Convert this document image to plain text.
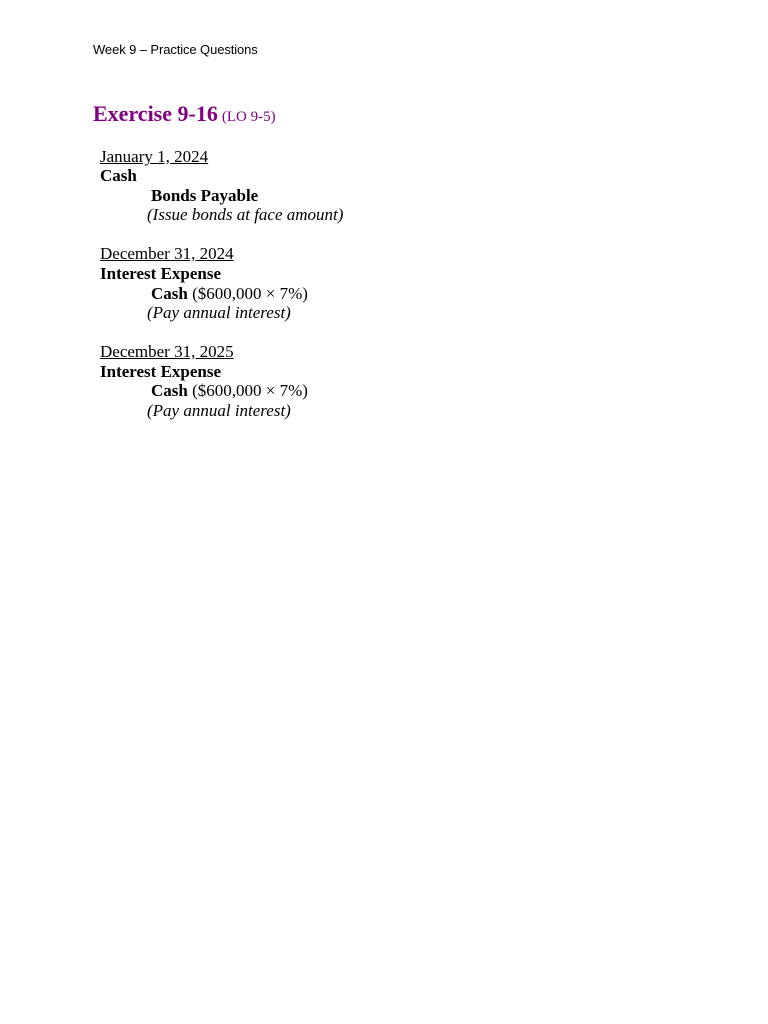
Week 9 – Practice Questions
Exercise 9-16 (LO 9-5)
January 1, 2024
Cash
Bonds Payable
(Issue bonds at face amount)
December 31, 2024
Interest Expense
Cash ($600,000 × 7%)
(Pay annual interest)
December 31, 2025
Interest Expense
Cash ($600,000 × 7%)
(Pay annual interest)
